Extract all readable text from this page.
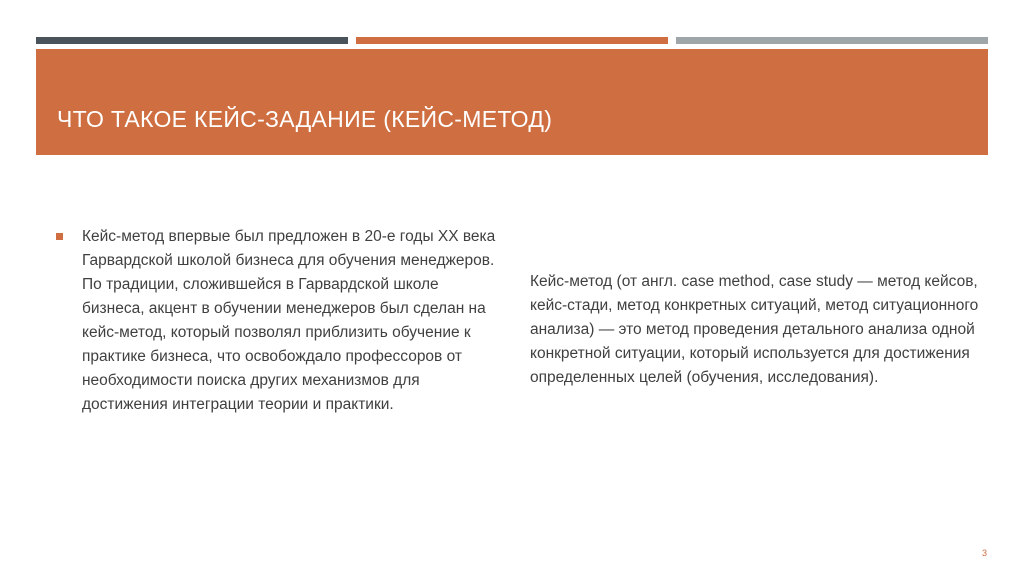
ЧТО ТАКОЕ КЕЙС-ЗАДАНИЕ (КЕЙС-МЕТОД)
Кейс-метод впервые был предложен в 20-е годы XX века Гарвардской школой бизнеса для обучения менеджеров. По традиции, сложившейся в Гарвардской школе бизнеса, акцент в обучении менеджеров был сделан на кейс-метод, который позволял приблизить обучение к практике бизнеса, что освобождало профессоров от необходимости поиска других механизмов для достижения интеграции теории и практики.
Кейс-метод (от англ. case method, case study — метод кейсов, кейс-стади, метод конкретных ситуаций, метод ситуационного анализа) — это метод проведения детального анализа одной конкретной ситуации, который используется для достижения определенных целей (обучения, исследования).
3
